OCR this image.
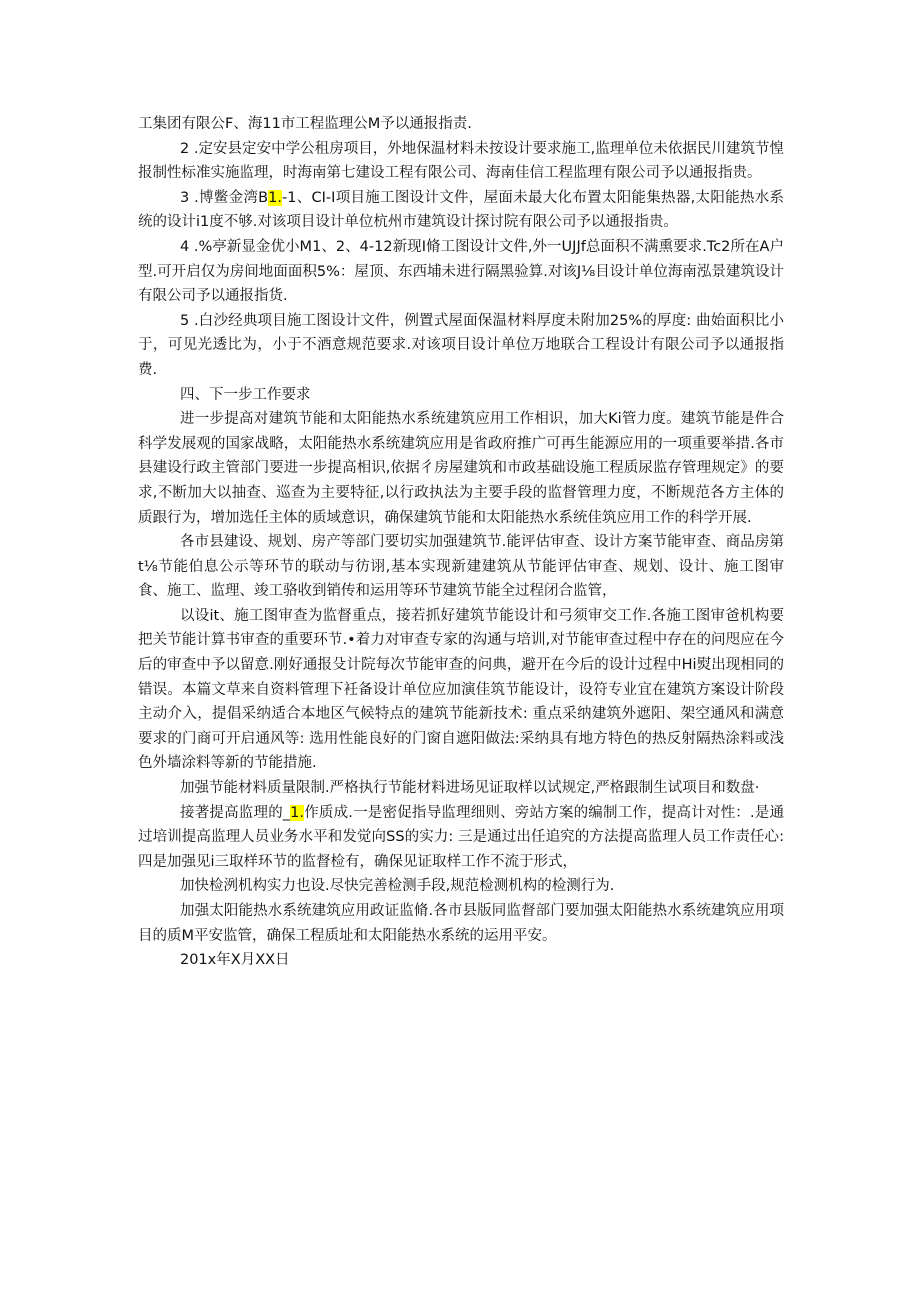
工集团有限公F、海11市工程监理公M予以通报指责.

2 .定安县定安中学公租房项目，外地保温材料未按设计要求施工,监理单位未依据民川建筑节惶报制性标准实施监理，时海南第七建设工程有限公司、海南佳信工程监理有限公司予以通报指贵。

3 .博鳖金湾B1.-1、CI-I项目施工图设计文件，屋面未最大化布置太阳能集热器,太阳能热水系统的设计i1度不够.对该项目设计单位杭州市建筑设计探讨院有限公司予以通报指贵。

4 .%亭新显金优小M1、2、4-12新现I脩工图设计文件,外一UJJf总面积不满熏要求.Tc2所在A户型.可开启仅为房间地面面积5%：屋顶、东西埔未进行隔黑验算.对该J⅛目设计单位海南泓景建筑设计有限公司予以通报指货.

5 .白沙经典项目施工图设计文件，例置式屋面保温材料厚度未附加25%的厚度: 曲始面积比小于，可见光透比为，小于不酒意规范要求.对该项目设计单位万地联合工程设计有限公司予以通报指费.

四、下一步工作要求

进一步提高对建筑节能和太阳能热水系统建筑应用工作相识，加大Ki管力度。建筑节能是件合科学发展观的国家战略，太阳能热水系统建筑应用是省政府推广可再生能源应用的一项重要举措.各市县建设行政主管部门要进一步提高相识,依据彳房屋建筑和市政基础设施工程质尿监存管理规定》的要求,不断加大以抽查、巡查为主要特征,以行政执法为主要手段的监督管理力度，不断规范各方主体的质跟行为，增加选任主体的质域意识，确保建筑节能和太阳能热水系统佳筑应用工作的科学开展.

各市县建设、规划、房产等部门要切实加强建筑节.能评估审查、设计方案节能审查、商品房第t⅛节能伯息公示等环节的联动与彷诩,基本实现新建建筑从节能评估审查、规划、设计、施工图审食、施工、监理、竣工骆收到销传和运用等环节建筑节能全过程闭合监管，

以设it、施工图审查为监督重点，接若抓好建筑节能设计和弓须审交工作.各施工图审爸机构要把关节能计算书审查的重要环节.•着力对审查专家的沟通与培训,对节能审查过程中存在的问咫应在今后的审查中予以留意.刚好通报殳计院每次节能审查的问典，避开在今后的设计过程中Hi熨出现相同的错误。本篇文草来自资料管理下衽备设计单位应加演佳筑节能设计，设符专业宜在建筑方案设计阶段主动介入，提倡采纳适合本地区气候特点的建筑节能新技术: 重点采纳建筑外遮阳、架空通风和满意要求的门商可开启通风等: 选用性能良好的门窗自遮阳做法:采纳具有地方特色的热反射隔热涂料或浅色外墙涂料等新的节能措施.

加强节能材料质量限制.严格执行节能材料进场见证取样以试规定,严格跟制生试项目和数盘·

接著提高监理的_1.作质成.一是密促指导监理细则、旁站方案的编制工作，提高计对性：.是通过培训提高监理人员业务水平和发觉向SS的实力: 三是通过出任追究的方法提高监理人员工作责任心: 四是加强见i三取样环节的监督检有，确保见证取样工作不流于形式，

加快检洌机构实力也设.尽快完善检测手段,规范检测机构的检测行为.

加强太阳能热水系统建筑应用政证监脩.各市县版同监督部门要加强太阳能热水系统建筑应用项目的质M平安监管，确保工程质址和太阳能热水系统的运用平安。

201x年X月XX日
